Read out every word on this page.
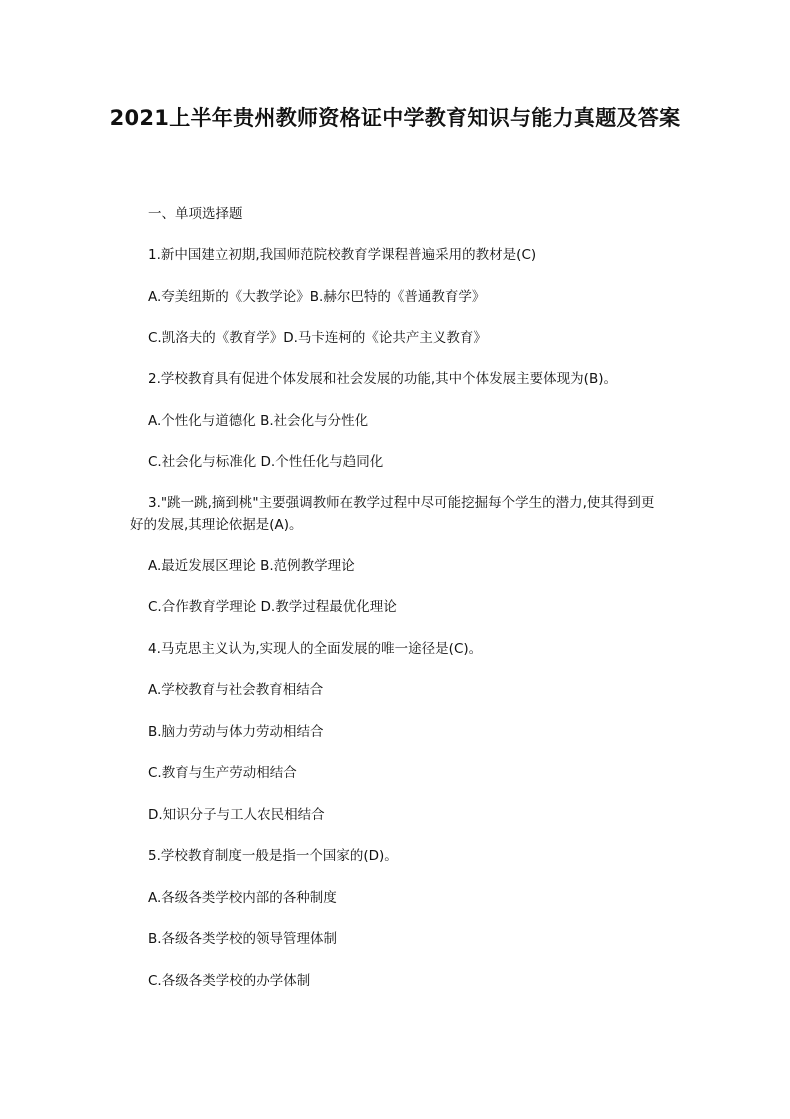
2021上半年贵州教师资格证中学教育知识与能力真题及答案
一、单项选择题
1.新中国建立初期,我国师范院校教育学课程普遍采用的教材是(C)
A.夸美纽斯的《大教学论》B.赫尔巴特的《普通教育学》
C.凯洛夫的《教育学》D.马卡连柯的《论共产主义教育》
2.学校教育具有促进个体发展和社会发展的功能,其中个体发展主要体现为(B)。
A.个性化与道德化 B.社会化与分性化
C.社会化与标准化 D.个性任化与趋同化
3."跳一跳,摘到桃"主要强调教师在教学过程中尽可能挖掘每个学生的潜力,使其得到更
好的发展,其理论依据是(A)。
A.最近发展区理论 B.范例教学理论
C.合作教育学理论 D.教学过程最优化理论
4.马克思主义认为,实现人的全面发展的唯一途径是(C)。
A.学校教育与社会教育相结合
B.脑力劳动与体力劳动相结合
C.教育与生产劳动相结合
D.知识分子与工人农民相结合
5.学校教育制度一般是指一个国家的(D)。
A.各级各类学校内部的各种制度
B.各级各类学校的领导管理体制
C.各级各类学校的办学体制
